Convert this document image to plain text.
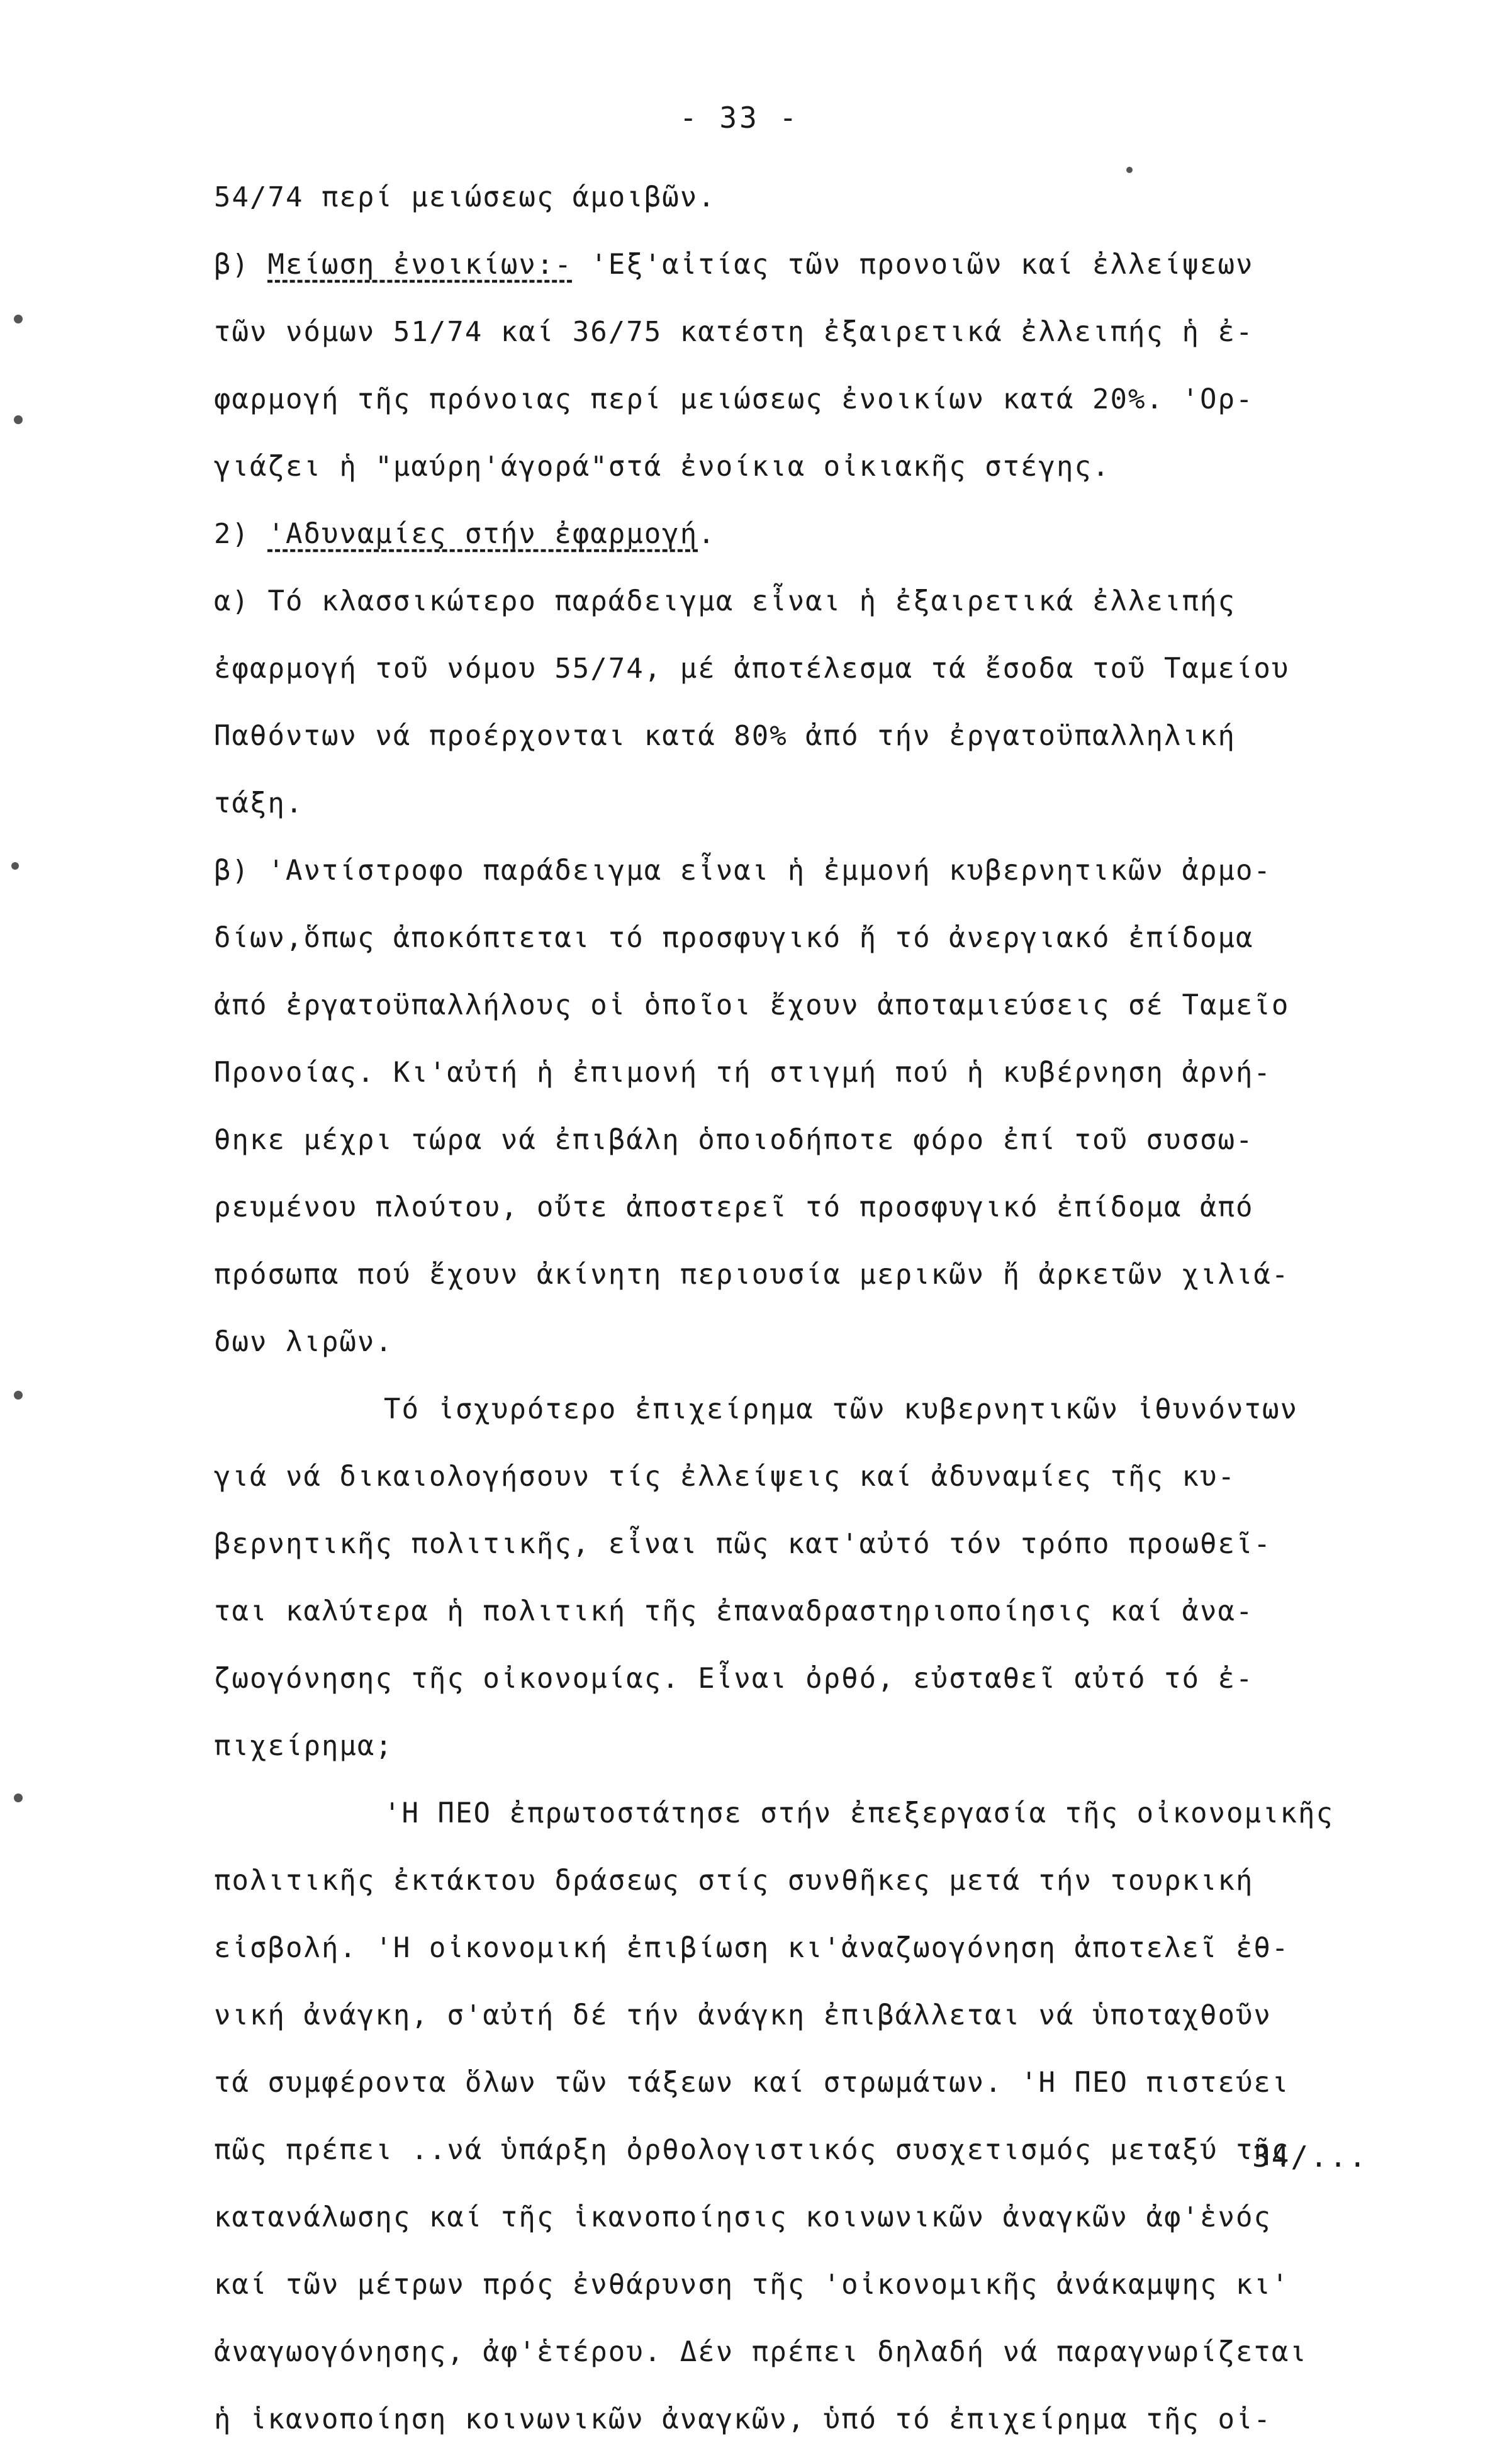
- 33 -
54/74 περί μειώσεως άμοιβῶν.
β) Μείωση ἐνοικίων:- 'Εξ'αἰτίας τῶν προνοιῶν καί ἐλλείψεων
τῶν νόμων 51/74 καί 36/75 κατέστη ἐξαιρετικά ἐλλειπής ἡ ἐ-
φαρμογή τῆς πρόνοιας περί μειώσεως ἐνοικίων κατά 20%. 'Ορ-
γιάζει ἡ "μαύρη'άγορά"στά ἐνοίκια οἰκιακῆς στέγης.
2) 'Αδυναμίες στήν ἐφαρμογή.
α) Τό κλασσικώτερο παράδειγμα εἶναι ἡ ἐξαιρετικά ἐλλειπής
ἐφαρμογή τοῦ νόμου 55/74, μέ ἀποτέλεσμα τά ἔσοδα τοῦ Ταμείου
Παθόντων νά προέρχονται κατά 80% ἀπό τήν ἐργατοϋπαλληλική
τάξη.
β) 'Αντίστροφο παράδειγμα εἶναι ἡ ἐμμονή κυβερνητικῶν ἀρμο-
δίων,ὅπως ἀποκόπτεται τό προσφυγικό ἤ τό ἀνεργιακό ἐπίδομα
ἀπό ἐργατοϋπαλλήλους οἱ ὁποῖοι ἔχουν ἀποταμιεύσεις σέ Ταμεῖο
Προνοίας. Κι'αὐτή ἡ ἐπιμονή τή στιγμή πού ἡ κυβέρνηση ἀρνή-
θηκε μέχρι τώρα νά ἐπιβάλη ὁποιοδήποτε φόρο ἐπί τοῦ συσσω-
ρευμένου πλούτου, οὔτε ἀποστερεῖ τό προσφυγικό ἐπίδομα ἀπό
πρόσωπα πού ἔχουν ἀκίνητη περιουσία μερικῶν ἤ ἀρκετῶν χιλιά-
δων λιρῶν.
Τό ἰσχυρότερο ἐπιχείρημα τῶν κυβερνητικῶν ἰθυνόντων
γιά νά δικαιολογήσουν τίς ἐλλείψεις καί ἀδυναμίες τῆς κυ-
βερνητικῆς πολιτικῆς, εἶναι πῶς κατ'αὐτό τόν τρόπο προωθεῖ-
ται καλύτερα ἡ πολιτική τῆς ἐπαναδραστηριοποίησις καί ἀνα-
ζωογόνησης τῆς οἰκονομίας. Εἶναι ὀρθό, εὐσταθεῖ αὐτό τό ἐ-
πιχείρημα;
'Η ΠΕΟ ἐπρωτοστάτησε στήν ἐπεξεργασία τῆς οἰκονομικῆς
πολιτικῆς ἐκτάκτου δράσεως στίς συνθῆκες μετά τήν τουρκική
εἰσβολή. 'Η οἰκονομική ἐπιβίωση κι'ἀναζωογόνηση ἀποτελεῖ ἐθ-
νική ἀνάγκη, σ'αὐτή δέ τήν ἀνάγκη ἐπιβάλλεται νά ὑποταχθοῦν
τά συμφέροντα ὅλων τῶν τάξεων καί στρωμάτων. 'Η ΠΕΟ πιστεύει
πῶς πρέπει ..νά ὑπάρξη ὀρθολογιστικός συσχετισμός μεταξύ τῆς
κατανάλωσης καί τῆς ἱκανοποίησις κοινωνικῶν ἀναγκῶν ἀφ'ἑνός
καί τῶν μέτρων πρός ἐνθάρυνση τῆς 'οἰκονομικῆς ἀνάκαμψης κι'
ἀναγωογόνησης, ἀφ'ἑτέρου. Δέν πρέπει δηλαδή νά παραγνωρίζεται
ἡ ἱκανοποίηση κοινωνικῶν ἀναγκῶν, ὑπό τό ἐπιχείρημα τῆς οἰ-
34/...
